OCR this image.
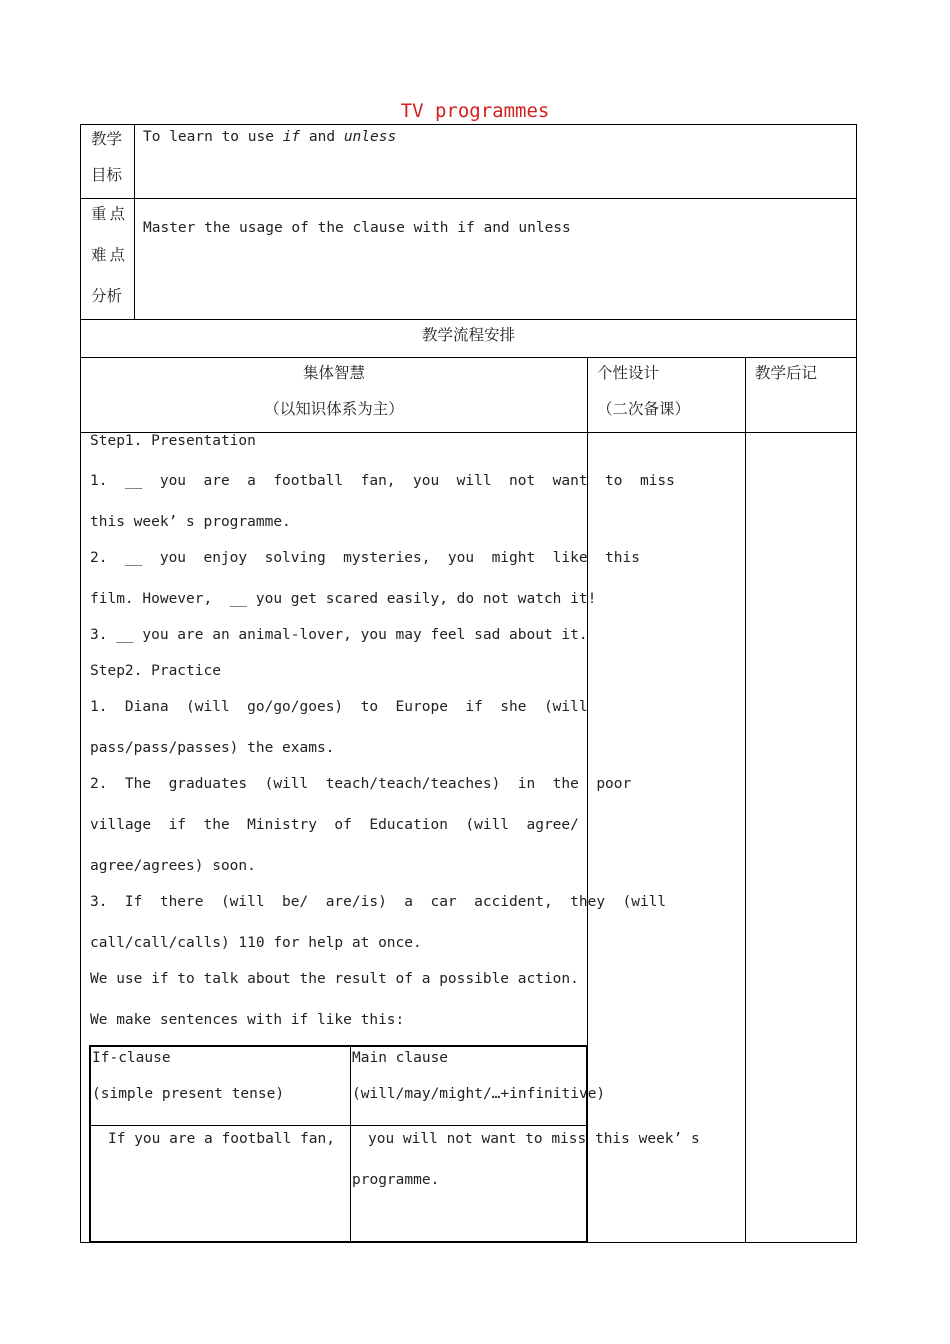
TV programmes
教学
目标
To learn to use if and unless
重点
难点
分析
Master the usage of the clause with if and unless
教学流程安排
集体智慧
（以知识体系为主）
个性设计
（二次备课）
教学后记
Step1. Presentation
1.  __  you  are  a  football  fan,  you  will  not  want  to  miss
this week’ s programme.
2.  __  you  enjoy  solving  mysteries,  you  might  like  this
film. However,  __ you get scared easily, do not watch it!
3. __ you are an animal-lover, you may feel sad about it.
Step2. Practice
1.  Diana  (will  go/go/goes)  to  Europe  if  she  (will
pass/pass/passes) the exams.
2.  The  graduates  (will  teach/teach/teaches)  in  the  poor
village  if  the  Ministry  of  Education  (will  agree/
agree/agrees) soon.
3.  If  there  (will  be/  are/is)  a  car  accident,  they  (will
call/call/calls) 110 for help at once.
We use if to talk about the result of a possible action.
We make sentences with if like this:
If-clause
(simple present tense)
Main clause
(will/may/might/…+infinitive)
If you are a football fan, you will not want to miss this week’ s
programme.
